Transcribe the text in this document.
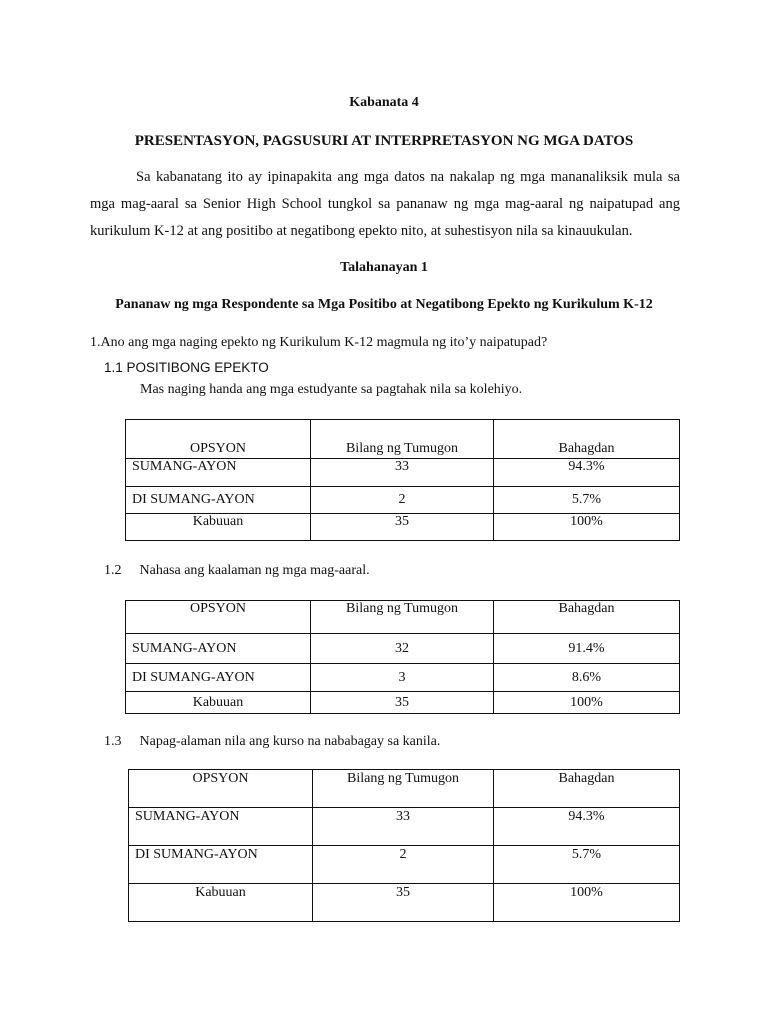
Kabanata 4
PRESENTASYON, PAGSUSURI AT INTERPRETASYON NG MGA DATOS

Sa kabanatang ito ay ipinapakita ang mga datos na nakalap ng mga mananaliksik mula sa mga mag-aaral sa Senior High School tungkol sa pananaw ng mga mag-aaral ng naipatupad ang kurikulum K-12 at ang positibo at negatibong epekto nito, at suhestisyon nila sa kinauukulan.

Talahanayan 1
Pananaw ng mga Respondente sa Mga Positibo at Negatibong Epekto ng Kurikulum K-12
1.Ano ang mga naging epekto ng Kurikulum K-12 magmula ng ito’y naipatupad?
1.1 POSITIBONG EPEKTO
Mas naging handa ang mga estudyante sa pagtahak nila sa kolehiyo.
OPSYON	Bilang ng Tumugon	Bahagdan
SUMANG-AYON	33	94.3%
DI SUMANG-AYON	2	5.7%
Kabuuan	35	100%
1.2 Nahasa ang kaalaman ng mga mag-aaral.
OPSYON	Bilang ng Tumugon	Bahagdan
SUMANG-AYON	32	91.4%
DI SUMANG-AYON	3	8.6%
Kabuuan	35	100%
1.3 Napag-alaman nila ang kurso na nababagay sa kanila.
OPSYON	Bilang ng Tumugon	Bahagdan
SUMANG-AYON	33	94.3%
DI SUMANG-AYON	2	5.7%
Kabuuan	35	100%
